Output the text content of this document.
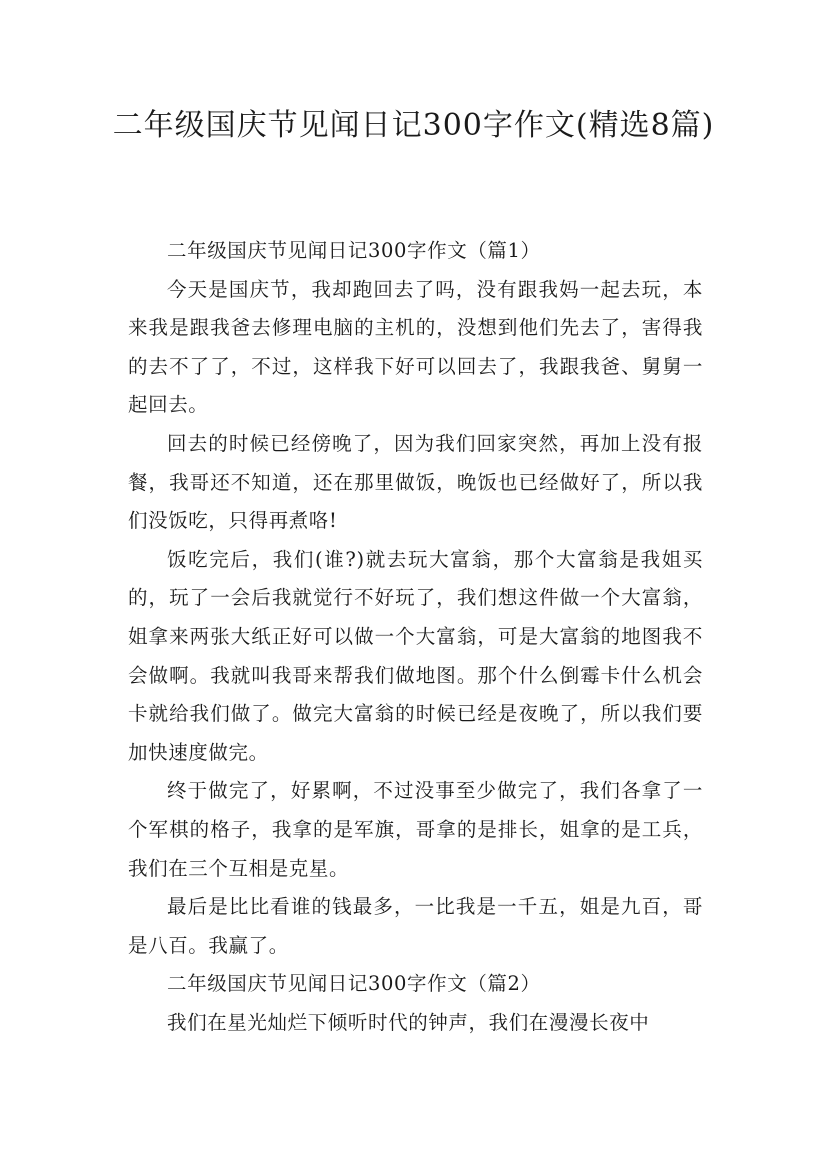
二年级国庆节见闻日记300字作文(精选8篇)

二年级国庆节见闻日记300字作文（篇1）

今天是国庆节，我却跑回去了吗，没有跟我妈一起去玩，本来我是跟我爸去修理电脑的主机的，没想到他们先去了，害得我的去不了了，不过，这样我下好可以回去了，我跟我爸、舅舅一起回去。

回去的时候已经傍晚了，因为我们回家突然，再加上没有报餐，我哥还不知道，还在那里做饭，晚饭也已经做好了，所以我们没饭吃，只得再煮咯!

饭吃完后，我们(谁?)就去玩大富翁，那个大富翁是我姐买的，玩了一会后我就觉行不好玩了，我们想这件做一个大富翁，姐拿来两张大纸正好可以做一个大富翁，可是大富翁的地图我不会做啊。我就叫我哥来帮我们做地图。那个什么倒霉卡什么机会卡就给我们做了。做完大富翁的时候已经是夜晚了，所以我们要加快速度做完。

终于做完了，好累啊，不过没事至少做完了，我们各拿了一个军棋的格子，我拿的是军旗，哥拿的是排长，姐拿的是工兵，我们在三个互相是克星。

最后是比比看谁的钱最多，一比我是一千五，姐是九百，哥是八百。我赢了。

二年级国庆节见闻日记300字作文（篇2）

我们在星光灿烂下倾听时代的钟声，我们在漫漫长夜中
